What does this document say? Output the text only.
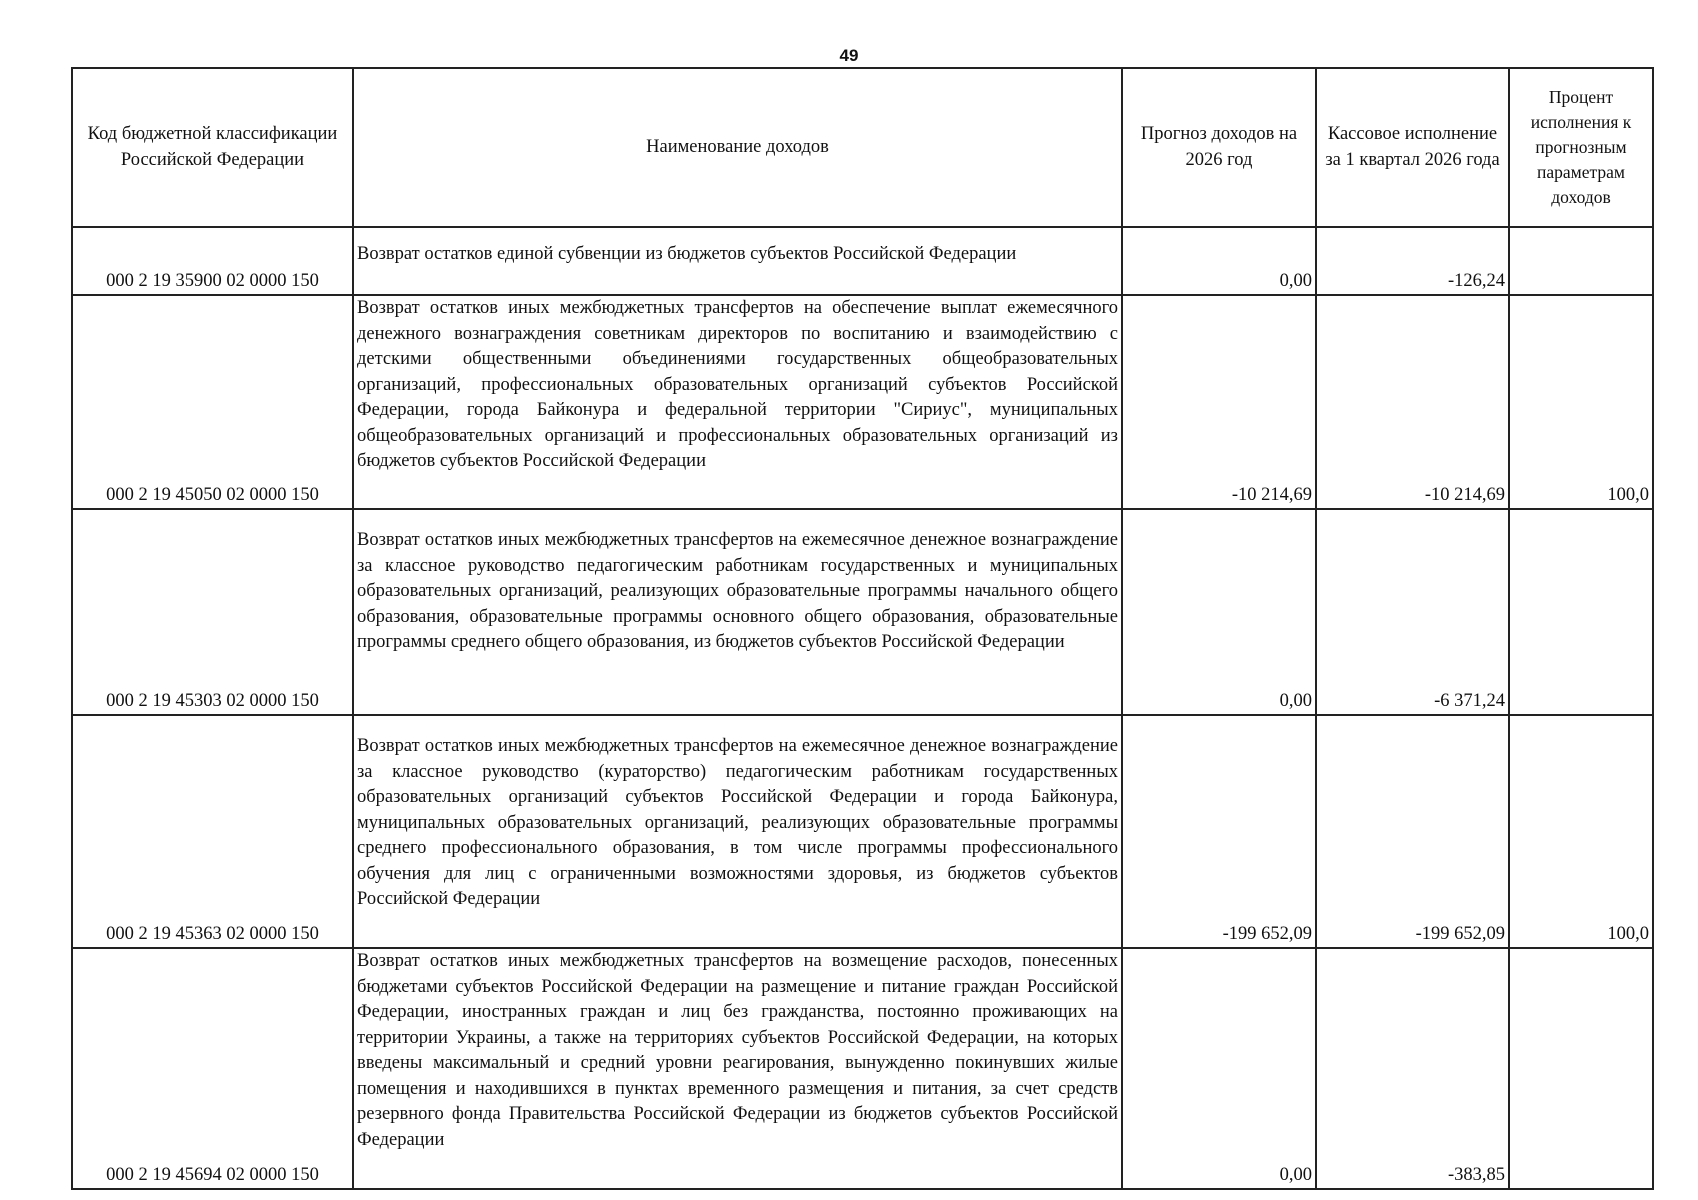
49
Код бюджетной классификации Российской Федерации	Наименование доходов	Прогноз доходов на 2026 год	Кассовое исполнение за 1 квартал 2026 года	Процент исполнения к прогнозным параметрам доходов
000 2 19 35900 02 0000 150	Возврат остатков единой субвенции из бюджетов субъектов Российской Федерации	0,00	-126,24	
000 2 19 45050 02 0000 150	Возврат остатков иных межбюджетных трансфертов на обеспечение выплат ежемесячного денежного вознаграждения советникам директоров по воспитанию и взаимодействию с детскими общественными объединениями государственных общеобразовательных организаций, профессиональных образовательных организаций субъектов Российской Федерации, города Байконура и федеральной территории "Сириус", муниципальных общеобразовательных организаций и профессиональных образовательных организаций из бюджетов субъектов Российской Федерации	-10 214,69	-10 214,69	100,0
000 2 19 45303 02 0000 150	Возврат остатков иных межбюджетных трансфертов на ежемесячное денежное вознаграждение за классное руководство педагогическим работникам государственных и муниципальных образовательных организаций, реализующих образовательные программы начального общего образования, образовательные программы основного общего образования, образовательные программы среднего общего образования, из бюджетов субъектов Российской Федерации	0,00	-6 371,24	
000 2 19 45363 02 0000 150	Возврат остатков иных межбюджетных трансфертов на ежемесячное денежное вознаграждение за классное руководство (кураторство) педагогическим работникам государственных образовательных организаций субъектов Российской Федерации и города Байконура, муниципальных образовательных организаций, реализующих образовательные программы среднего профессионального образования, в том числе программы профессионального обучения для лиц с ограниченными возможностями здоровья, из бюджетов субъектов Российской Федерации	-199 652,09	-199 652,09	100,0
000 2 19 45694 02 0000 150	Возврат остатков иных межбюджетных трансфертов на возмещение расходов, понесенных бюджетами субъектов Российской Федерации на размещение и питание граждан Российской Федерации, иностранных граждан и лиц без гражданства, постоянно проживающих на территории Украины, а также на территориях субъектов Российской Федерации, на которых введены максимальный и средний уровни реагирования, вынужденно покинувших жилые помещения и находившихся в пунктах временного размещения и питания, за счет средств резервного фонда Правительства Российской Федерации из бюджетов субъектов Российской Федерации	0,00	-383,85	
